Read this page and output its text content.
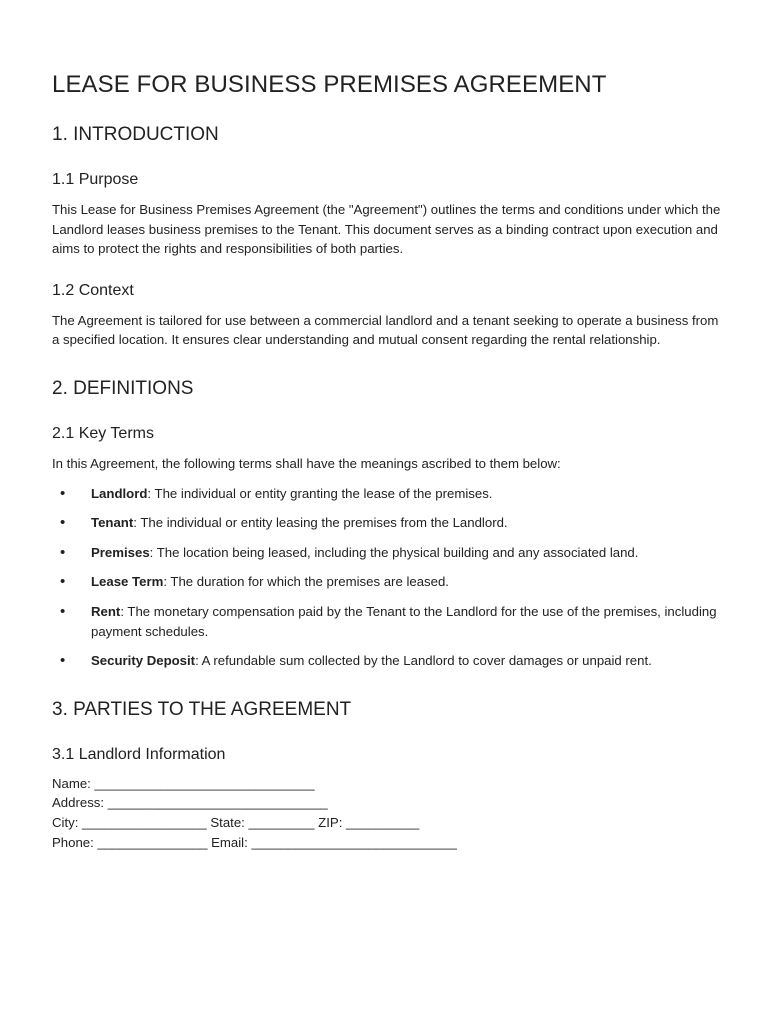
LEASE FOR BUSINESS PREMISES AGREEMENT
1. INTRODUCTION
1.1 Purpose

This Lease for Business Premises Agreement (the "Agreement") outlines the terms and conditions under which the Landlord leases business premises to the Tenant. This document serves as a binding contract upon execution and aims to protect the rights and responsibilities of both parties.

1.2 Context

The Agreement is tailored for use between a commercial landlord and a tenant seeking to operate a business from a specified location. It ensures clear understanding and mutual consent regarding the rental relationship.

2. DEFINITIONS
2.1 Key Terms

In this Agreement, the following terms shall have the meanings ascribed to them below:

• Landlord: The individual or entity granting the lease of the premises.
• Tenant: The individual or entity leasing the premises from the Landlord.
• Premises: The location being leased, including the physical building and any associated land.
• Lease Term: The duration for which the premises are leased.
• Rent: The monetary compensation paid by the Tenant to the Landlord for the use of the premises, including payment schedules.
• Security Deposit: A refundable sum collected by the Landlord to cover damages or unpaid rent.
3. PARTIES TO THE AGREEMENT
3.1 Landlord Information
Name: ______________________________
Address: ______________________________
City: _________________ State: _________ ZIP: __________
Phone: _______________ Email: ____________________________
